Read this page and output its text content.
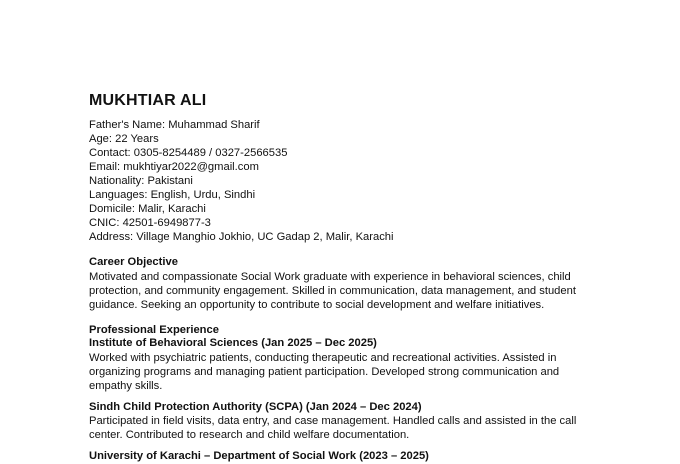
MUKHTIAR ALI
Father's Name: Muhammad Sharif
Age: 22 Years
Contact: 0305-8254489 / 0327-2566535
Email: mukhtiyar2022@gmail.com
Nationality: Pakistani
Languages: English, Urdu, Sindhi
Domicile: Malir, Karachi
CNIC: 42501-6949877-3
Address: Village Manghio Jokhio, UC Gadap 2, Malir, Karachi
Career Objective
Motivated and compassionate Social Work graduate with experience in behavioral sciences, child
protection, and community engagement. Skilled in communication, data management, and student
guidance. Seeking an opportunity to contribute to social development and welfare initiatives.
Professional Experience
Institute of Behavioral Sciences (Jan 2025 – Dec 2025)
Worked with psychiatric patients, conducting therapeutic and recreational activities. Assisted in
organizing programs and managing patient participation. Developed strong communication and
empathy skills.
Sindh Child Protection Authority (SCPA) (Jan 2024 – Dec 2024)
Participated in field visits, data entry, and case management. Handled calls and assisted in the call
center. Contributed to research and child welfare documentation.
University of Karachi – Department of Social Work (2023 – 2025)
